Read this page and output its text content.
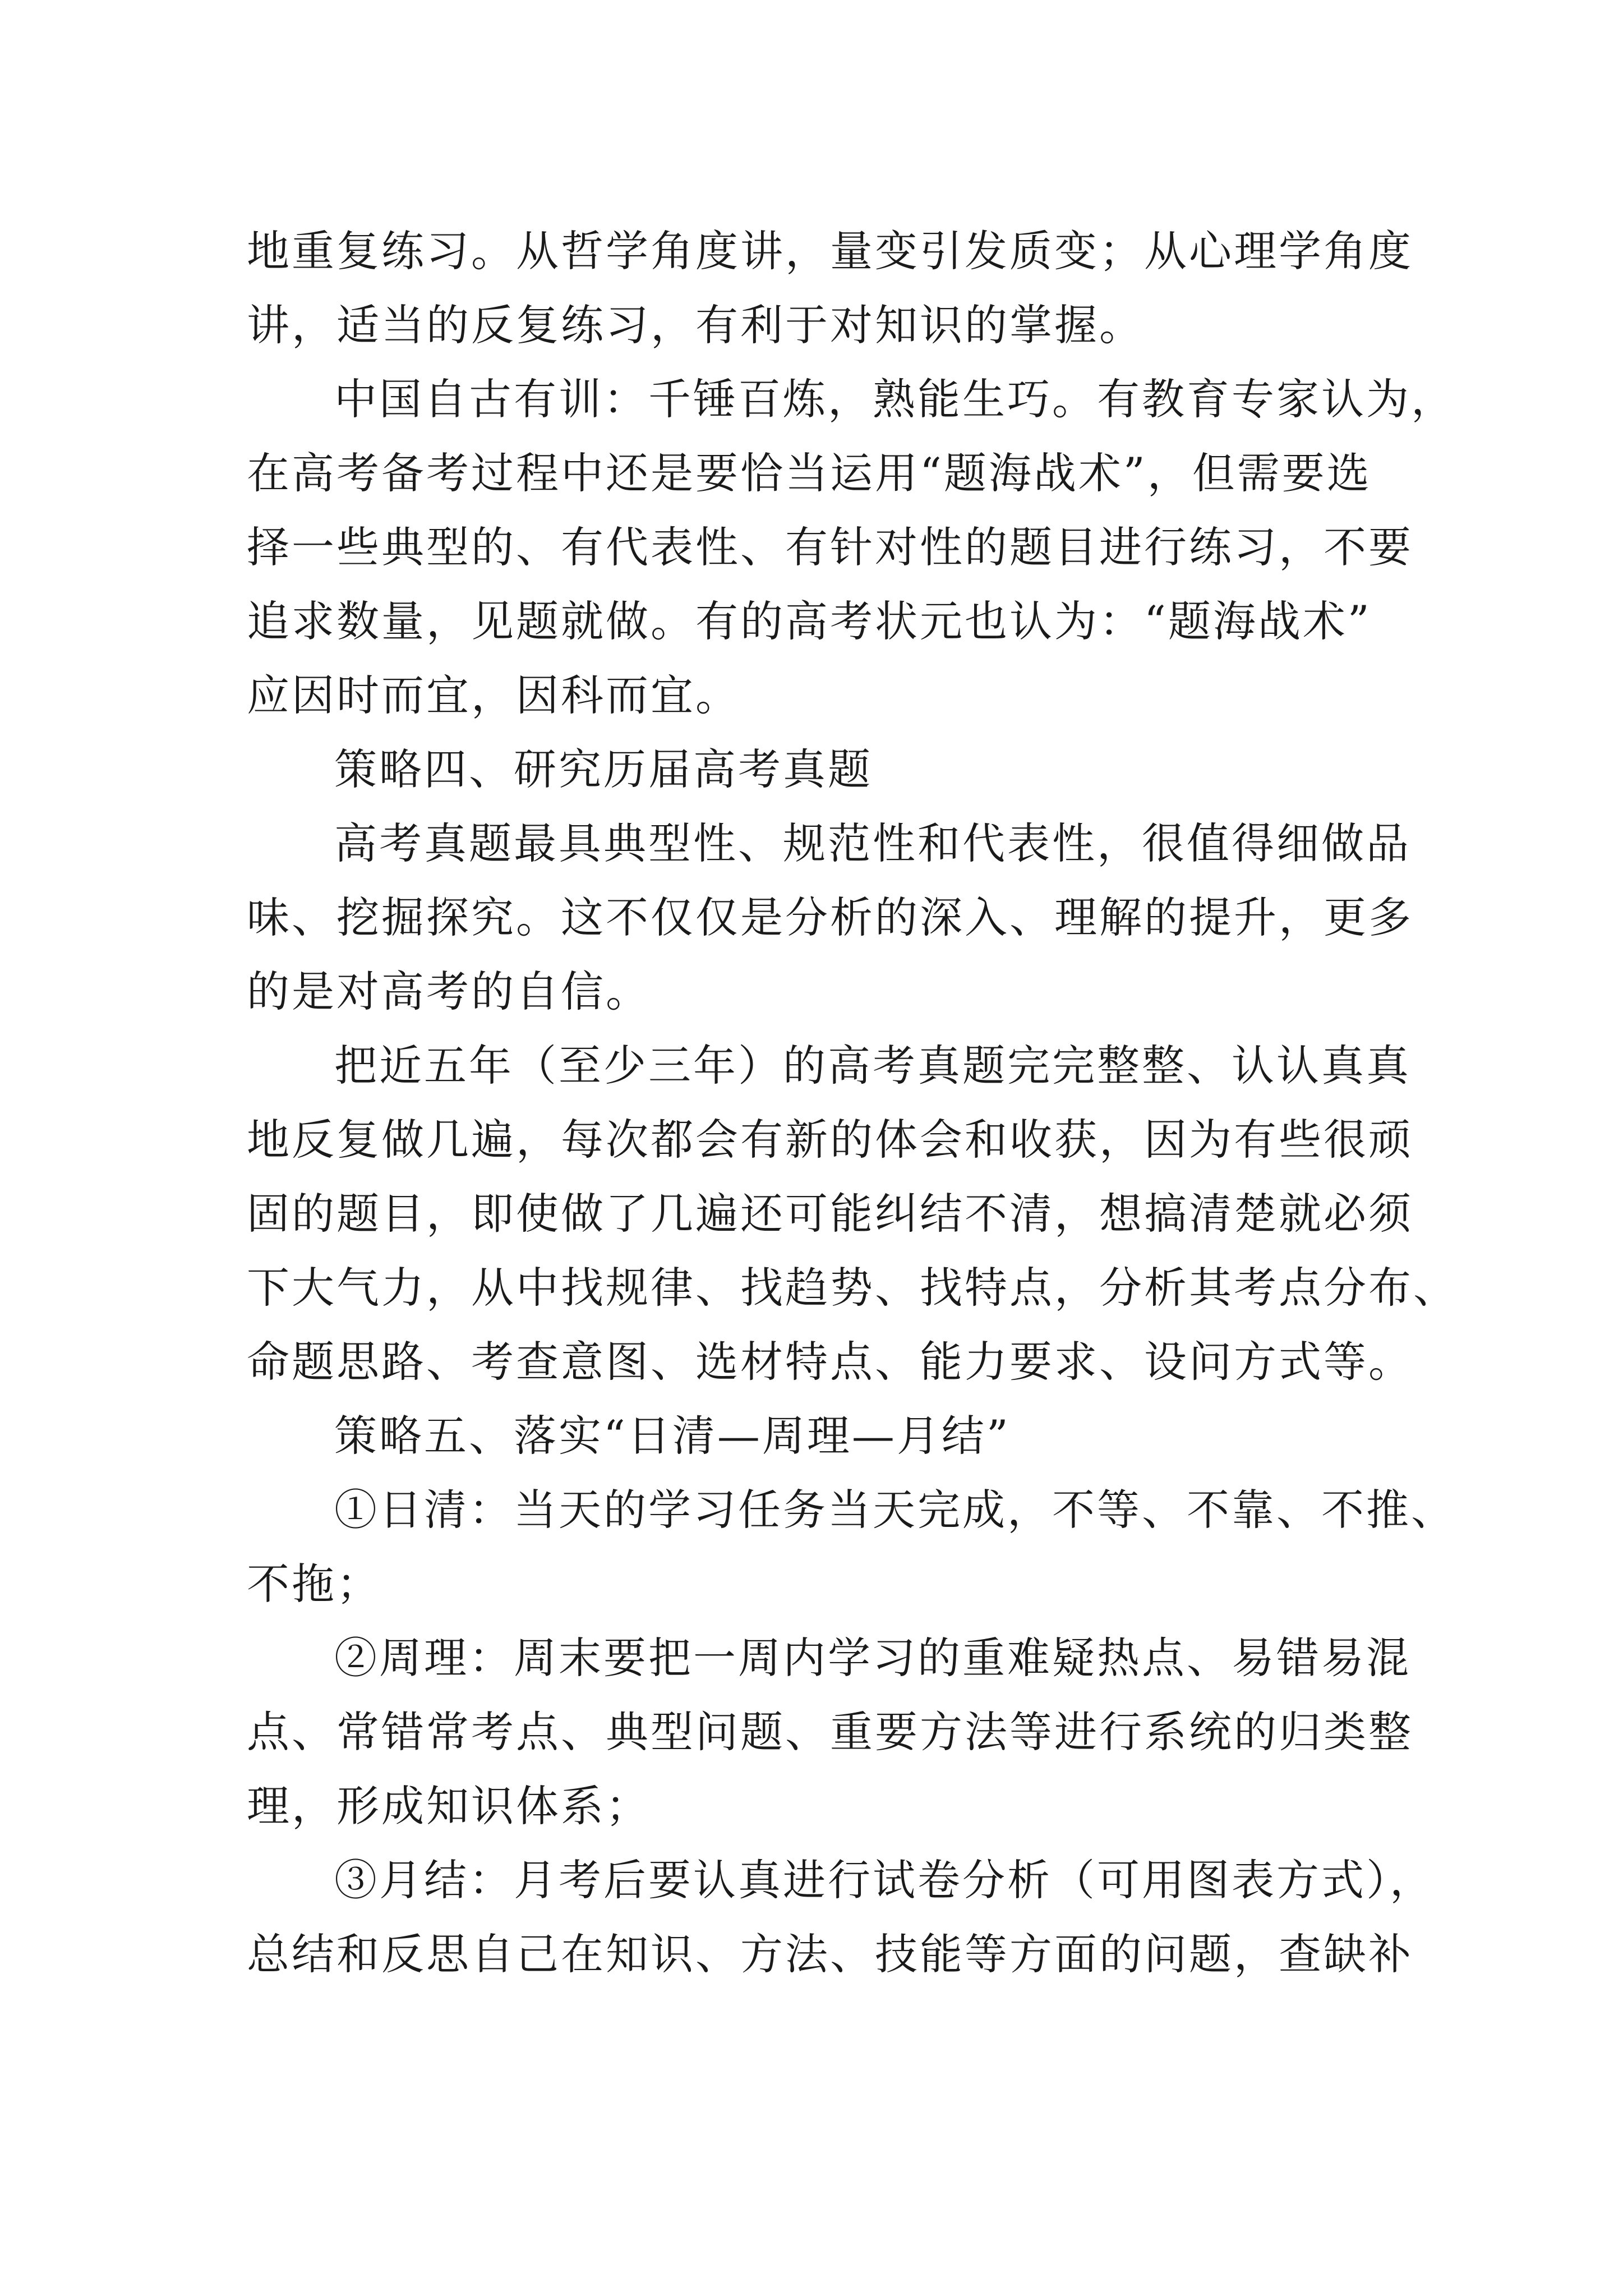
地重复练习。从哲学角度讲，量变引发质变；从心理学角度
讲，适当的反复练习，有利于对知识的掌握。
中国自古有训：千锤百炼，熟能生巧。有教育专家认为，
在高考备考过程中还是要恰当运用“题海战术”，但需要选
择一些典型的、有代表性、有针对性的题目进行练习，不要
追求数量，见题就做。有的高考状元也认为：“题海战术”
应因时而宜，因科而宜。
策略四、研究历届高考真题
高考真题最具典型性、规范性和代表性，很值得细做品
味、挖掘探究。这不仅仅是分析的深入、理解的提升，更多
的是对高考的自信。
把近五年（至少三年）的高考真题完完整整、认认真真
地反复做几遍，每次都会有新的体会和收获，因为有些很顽
固的题目，即使做了几遍还可能纠结不清，想搞清楚就必须
下大气力，从中找规律、找趋势、找特点，分析其考点分布、
命题思路、考查意图、选材特点、能力要求、设问方式等。
策略五、落实“日清—周理—月结”
①日清：当天的学习任务当天完成，不等、不靠、不推、
不拖；
②周理：周末要把一周内学习的重难疑热点、易错易混
点、常错常考点、典型问题、重要方法等进行系统的归类整
理，形成知识体系；
③月结：月考后要认真进行试卷分析（可用图表方式），
总结和反思自己在知识、方法、技能等方面的问题，查缺补
